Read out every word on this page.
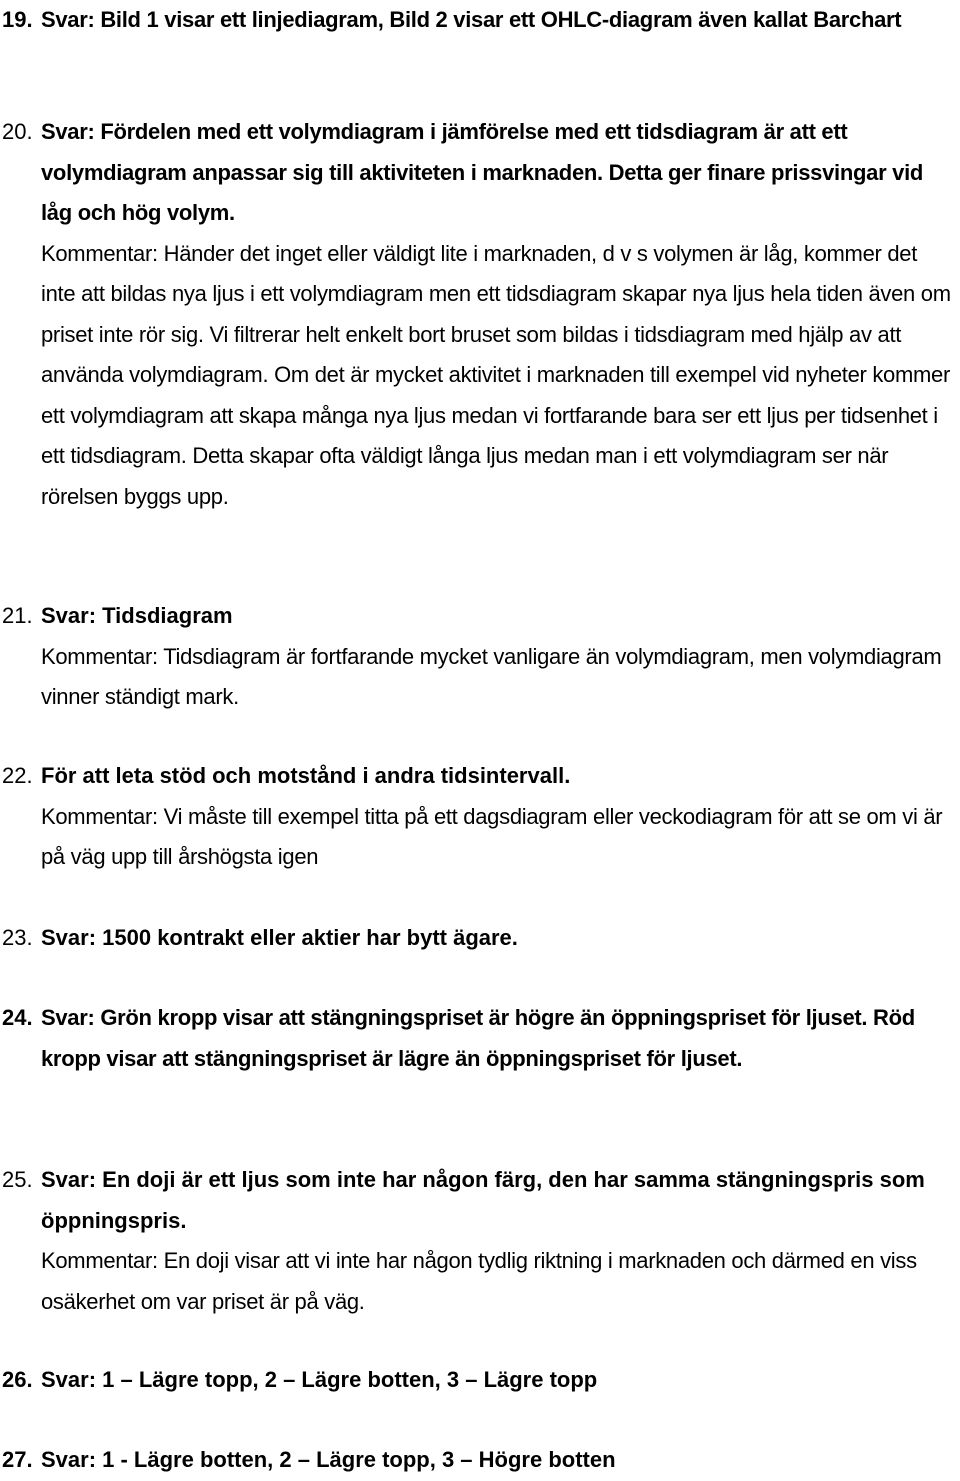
19. Svar: Bild 1 visar ett linjediagram, Bild 2 visar ett OHLC-diagram även kallat Barchart
20. Svar: Fördelen med ett volymdiagram i jämförelse med ett tidsdiagram är att ett volymdiagram anpassar sig till aktiviteten i marknaden. Detta ger finare prissvingar vid låg och hög volym.
Kommentar: Händer det inget eller väldigt lite i marknaden, d v s volymen är låg, kommer det inte att bildas nya ljus i ett volymdiagram men ett tidsdiagram skapar nya ljus hela tiden även om priset inte rör sig. Vi filtrerar helt enkelt bort bruset som bildas i tidsdiagram med hjälp av att använda volymdiagram. Om det är mycket aktivitet i marknaden till exempel vid nyheter kommer ett volymdiagram att skapa många nya ljus medan vi fortfarande bara ser ett ljus per tidsenhet i ett tidsdiagram. Detta skapar ofta väldigt långa ljus medan man i ett volymdiagram ser när rörelsen byggs upp.
21. Svar: Tidsdiagram
Kommentar: Tidsdiagram är fortfarande mycket vanligare än volymdiagram, men volymdiagram vinner ständigt mark.
22. För att leta stöd och motstånd i andra tidsintervall.
Kommentar: Vi måste till exempel titta på ett dagsdiagram eller veckodiagram för att se om vi är på väg upp till årshögsta igen
23. Svar: 1500 kontrakt eller aktier har bytt ägare.
24. Svar: Grön kropp visar att stängningspriset är högre än öppningspriset för ljuset. Röd kropp visar att stängningspriset är lägre än öppningspriset för ljuset.
25. Svar: En doji är ett ljus som inte har någon färg, den har samma stängningspris som öppningspris.
Kommentar: En doji visar att vi inte har någon tydlig riktning i marknaden och därmed en viss osäkerhet om var priset är på väg.
26. Svar: 1 – Lägre topp, 2 – Lägre botten, 3 – Lägre topp
27. Svar: 1 - Lägre botten, 2 – Lägre topp, 3 – Högre botten
